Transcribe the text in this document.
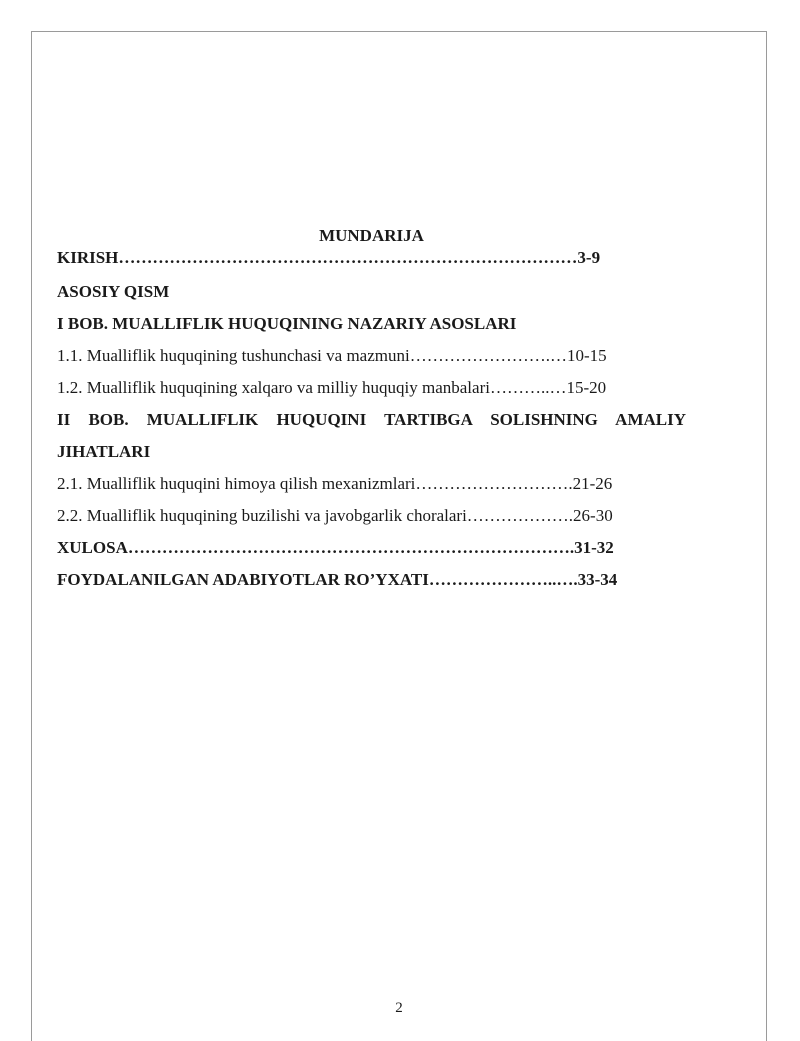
2
MUNDARIJA
KIRISH………………………………………………………………………3-9
ASOSIY QISM
I BOB. MUALLIFLIK HUQUQINING NAZARIY ASOSLARI
1.1. Mualliflik huquqining tushunchasi va mazmuni…………………….…10-15
1.2. Mualliflik huquqining xalqaro va milliy huquqiy manbalari………..…15-20
II BOB. MUALLIFLIK HUQUQINI TARTIBGA SOLISHNING AMALIY
JIHATLARI
2.1. Mualliflik huquqini himoya qilish mexanizmlari……………………….21-26
2.2. Mualliflik huquqining buzilishi va javobgarlik choralari……………….26-30
XULOSA…………………………………………………………………….31-32
FOYDALANILGAN ADABIYOTLAR RO’YXATI…………………..….33-34
